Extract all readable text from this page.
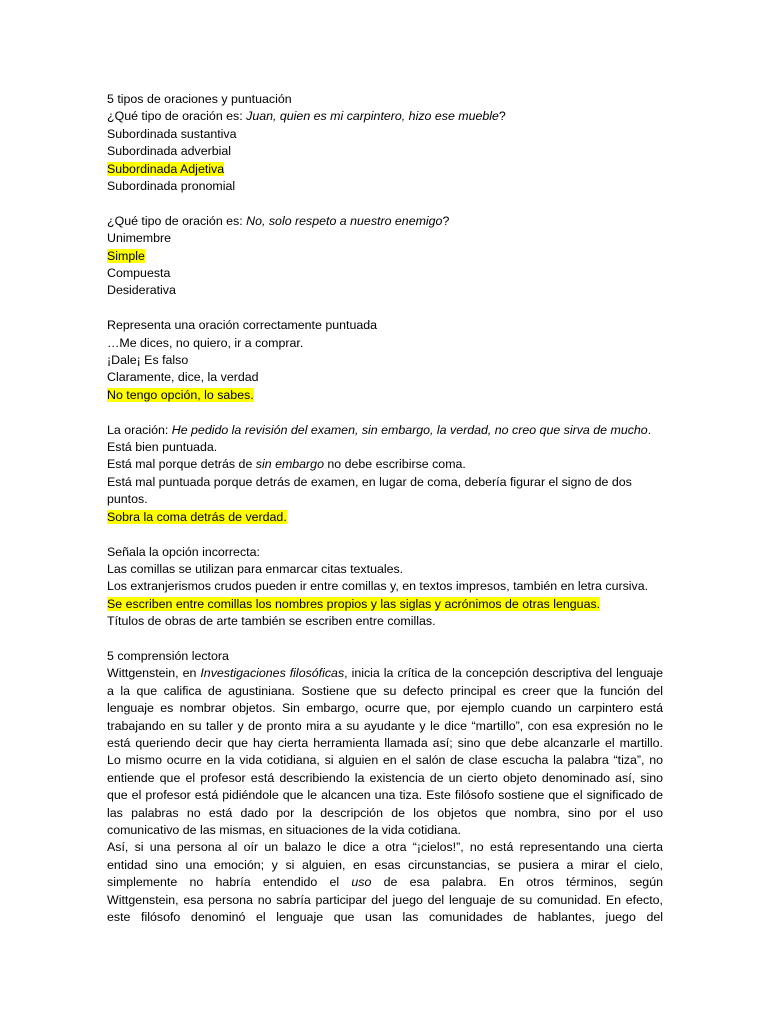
5 tipos de oraciones y puntuación
¿Qué tipo de oración es: Juan, quien es mi carpintero, hizo ese mueble?
Subordinada sustantiva
Subordinada adverbial
Subordinada Adjetiva
Subordinada pronomial
¿Qué tipo de oración es: No, solo respeto a nuestro enemigo?
Unimembre
Simple
Compuesta
Desiderativa
Representa una oración correctamente puntuada
…Me dices, no quiero, ir a comprar.
¡Dale¡ Es falso
Claramente, dice, la verdad
No tengo opción, lo sabes.
La oración: He pedido la revisión del examen, sin embargo, la verdad, no creo que sirva de mucho.
Está bien puntuada.
Está mal porque detrás de sin embargo no debe escribirse coma.
Está mal puntuada porque detrás de examen, en lugar de coma, debería figurar el signo de dos
puntos.
Sobra la coma detrás de verdad.
Señala la opción incorrecta:
Las comillas se utilizan para enmarcar citas textuales.
Los extranjerismos crudos pueden ir entre comillas y, en textos impresos, también en letra cursiva.
Se escriben entre comillas los nombres propios y las siglas y acrónimos de otras lenguas.
Títulos de obras de arte también se escriben entre comillas.
5 comprensión lectora
Wittgenstein, en Investigaciones filosóficas, inicia la crítica de la concepción descriptiva del lenguaje
a la que califica de agustiniana. Sostiene que su defecto principal es creer que la función del
lenguaje es nombrar objetos. Sin embargo, ocurre que, por ejemplo cuando un carpintero está
trabajando en su taller y de pronto mira a su ayudante y le dice “martillo”, con esa expresión no le
está queriendo decir que hay cierta herramienta llamada así; sino que debe alcanzarle el martillo.
Lo mismo ocurre en la vida cotidiana, si alguien en el salón de clase escucha la palabra “tiza”, no
entiende que el profesor está describiendo la existencia de un cierto objeto denominado así, sino
que el profesor está pidiéndole que le alcancen una tiza. Este filósofo sostiene que el significado de
las palabras no está dado por la descripción de los objetos que nombra, sino por el uso
comunicativo de las mismas, en situaciones de la vida cotidiana.
Así, si una persona al oír un balazo le dice a otra “¡cielos!”, no está representando una cierta
entidad sino una emoción; y si alguien, en esas circunstancias, se pusiera a mirar el cielo,
simplemente no habría entendido el uso de esa palabra. En otros términos, según
Wittgenstein, esa persona no sabría participar del juego del lenguaje de su comunidad. En efecto,
este filósofo denominó el lenguaje que usan las comunidades de hablantes, juego del
